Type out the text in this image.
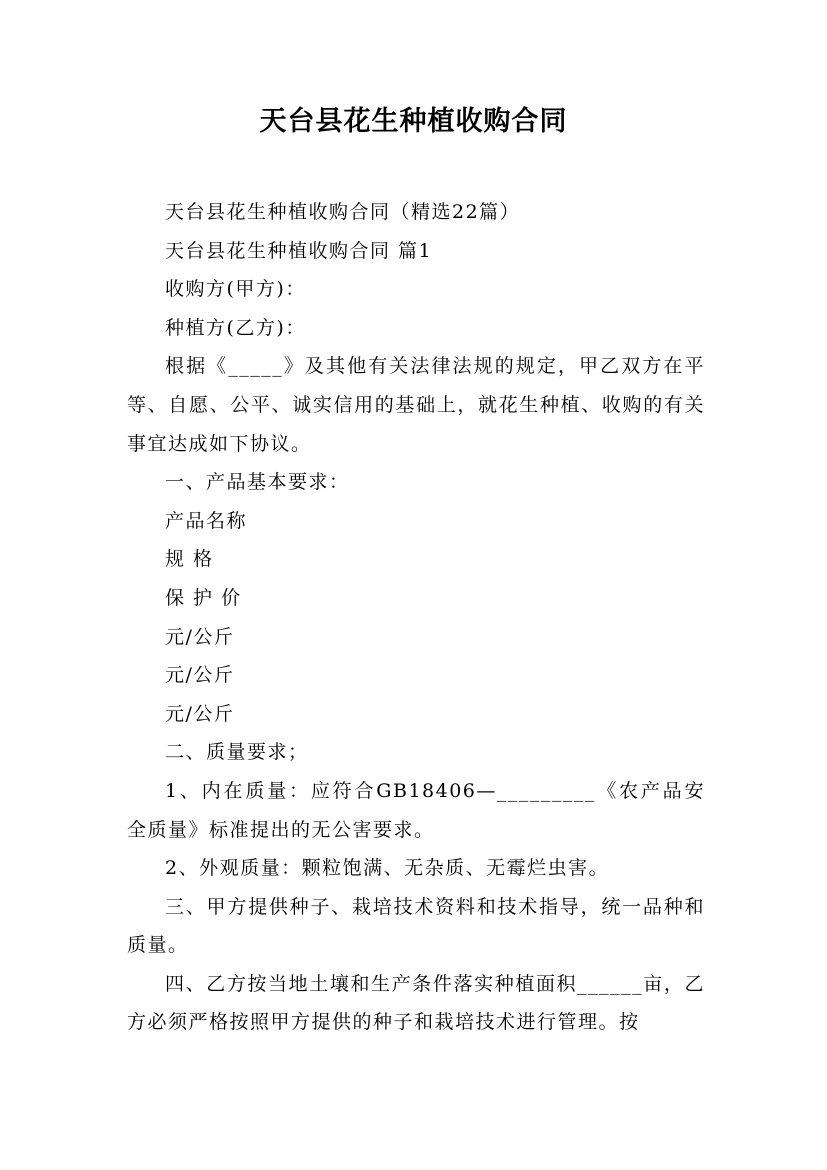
天台县花生种植收购合同

天台县花生种植收购合同（精选22篇）

天台县花生种植收购合同 篇1

收购方(甲方)：

种植方(乙方)：

根据《_____》及其他有关法律法规的规定，甲乙双方在平等、自愿、公平、诚实信用的基础上，就花生种植、收购的有关事宜达成如下协议。

一、产品基本要求：

产品名称

规 格

保 护 价

元/公斤

元/公斤

元/公斤

二、质量要求；

1、内在质量：应符合GB18406—_________《农产品安全质量》标准提出的无公害要求。

2、外观质量：颗粒饱满、无杂质、无霉烂虫害。

三、甲方提供种子、栽培技术资料和技术指导，统一品种和质量。

四、乙方按当地土壤和生产条件落实种植面积______亩，乙方必须严格按照甲方提供的种子和栽培技术进行管理。按
